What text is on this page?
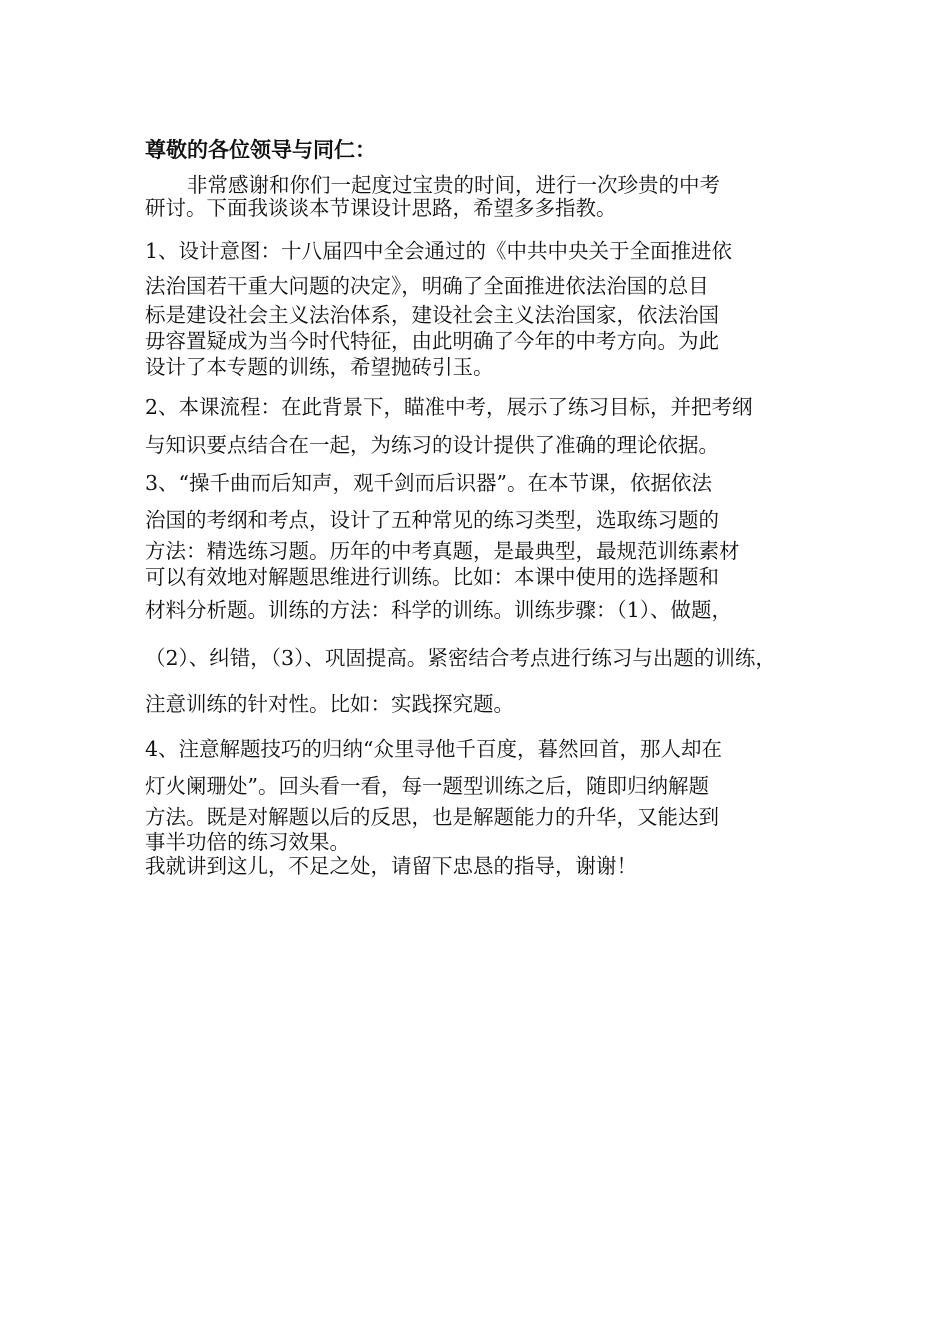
尊敬的各位领导与同仁：

非常感谢和你们一起度过宝贵的时间，进行一次珍贵的中考
研讨。下面我谈谈本节课设计思路，希望多多指教。

1、设计意图：十八届四中全会通过的《中共中央关于全面推进依
法治国若干重大问题的决定》，明确了全面推进依法治国的总目
标是建设社会主义法治体系，建设社会主义法治国家，依法治国
毋容置疑成为当今时代特征，由此明确了今年的中考方向。为此
设计了本专题的训练，希望抛砖引玉。

2、本课流程：在此背景下，瞄准中考，展示了练习目标，并把考纲
与知识要点结合在一起，为练习的设计提供了准确的理论依据。

3、“操千曲而后知声，观千剑而后识器”。在本节课，依据依法
治国的考纲和考点，设计了五种常见的练习类型，选取练习题的
方法：精选练习题。历年的中考真题，是最典型，最规范训练素材
可以有效地对解题思维进行训练。比如：本课中使用的选择题和
材料分析题。训练的方法：科学的训练。训练步骤：（1）、做题，
（2）、纠错，（3）、巩固提高。紧密结合考点进行练习与出题的训练，
注意训练的针对性。比如：实践探究题。

4、注意解题技巧的归纳“众里寻他千百度，暮然回首，那人却在
灯火阑珊处”。回头看一看，每一题型训练之后，随即归纳解题
方法。既是对解题以后的反思，也是解题能力的升华，又能达到
事半功倍的练习效果。

我就讲到这儿，不足之处，请留下忠恳的指导，谢谢！
